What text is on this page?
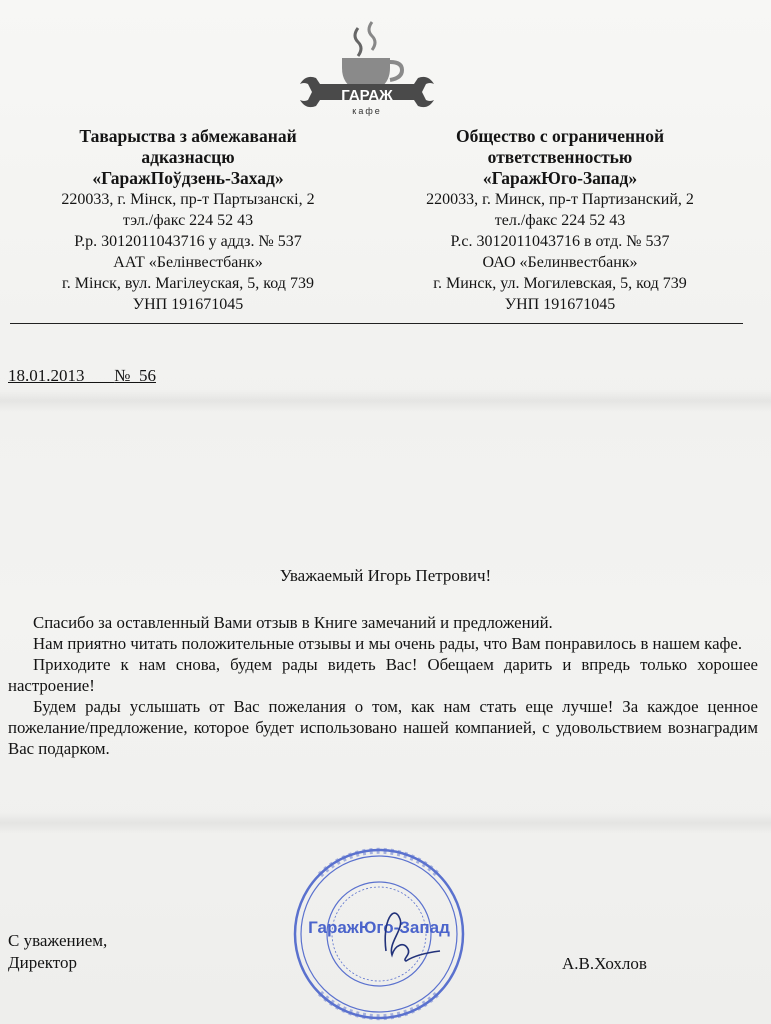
ГАРАЖ
кафе
Таварыства з абмежаванай
адказнасцю
«ГаражПоўдзень-Захад»
220033, г. Мінск, пр-т Партызанскі, 2
тэл./факс 224 52 43
Р.р. 3012011043716 у аддз. № 537
ААТ «Белінвестбанк»
г. Мінск, вул. Магілеуская, 5, код 739
УНП 191671045
Общество с ограниченной
ответственностью
«ГаражЮго-Запад»
220033, г. Минск, пр-т Партизанский, 2
тел./факс 224 52 43
Р.с. 3012011043716 в отд. № 537
ОАО «Белинвестбанк»
г. Минск, ул. Могилевская, 5, код 739
УНП 191671045
18.01.2013 № 56
Уважаемый Игорь Петрович!

Спасибо за оставленный Вами отзыв в Книге замечаний и предложений.

Нам приятно читать положительные отзывы и мы очень рады, что Вам понравилось в нашем кафе.

Приходите к нам снова, будем рады видеть Вас! Обещаем дарить и впредь только хорошее настроение!

Будем рады услышать от Вас пожелания о том, как нам стать еще лучше! За каждое ценное пожелание/предложение, которое будет использовано нашей компанией, с удовольствием вознаградим Вас подарком.

ГаражЮго-Запад
С уважением,
Директор	А.В.Хохлов
